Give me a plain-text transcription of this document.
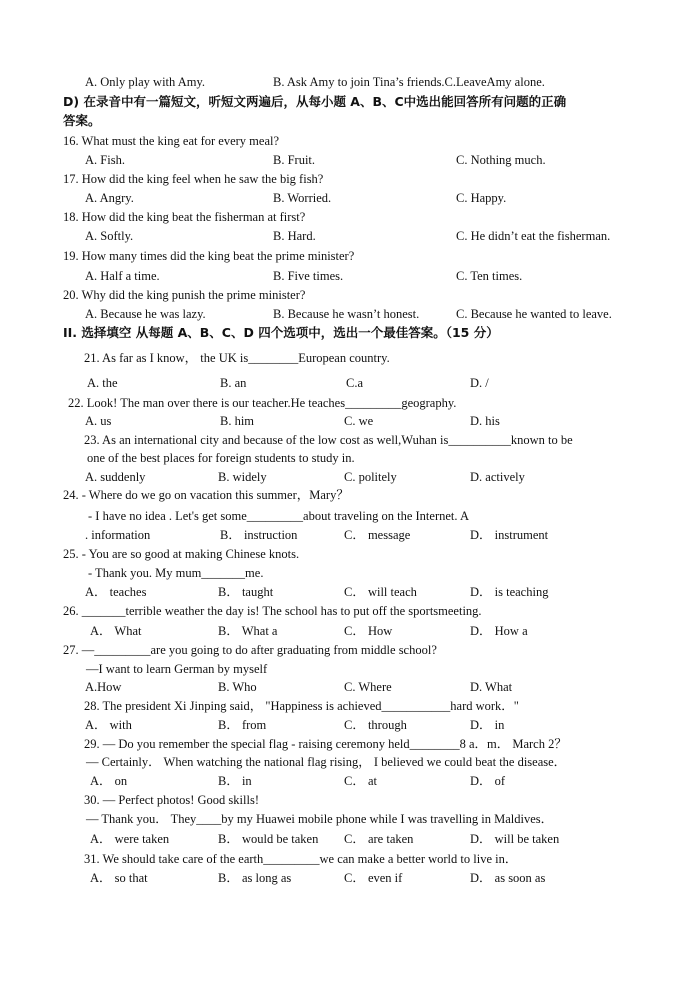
A. Only play with Amy.	B. Ask Amy to join Tina’s friends.C.LeaveAmy alone.
D) 在录音中有一篇短文，听短文两遍后，从每小题 A、B、C中选出能回答所有问题的正确
答案。
16. What must the king eat for every meal?
A. Fish.	B. Fruit.	C. Nothing much.
17. How did the king feel when he saw the big fish?
A. Angry.	B. Worried.	C. Happy.
18. How did the king beat the fisherman at first?
A. Softly.	B. Hard.	C. He didn’t eat the fisherman.
19. How many times did the king beat the prime minister?
A. Half a time.	B. Five times.	C. Ten times.
20. Why did the king punish the prime minister?
A. Because he was lazy.	B. Because he wasn’t honest.	C. Because he wanted to leave.
II. 选择填空 从每题 A、B、C、D 四个选项中，选出一个最佳答案。（15 分）
21. As far as I know， the UK is________European country.
A. the	B. an	C.a	D. /
22. Look! The man over there is our teacher.He teaches_________geography.
A. us	B. him	C. we	D. his
23. As an international city and because of the low cost as well,Wuhan is__________known to be
one of the best places for foreign students to study in.
A. suddenly	B. widely	C. politely	D. actively
24. - Where do we go on vacation this summer，Mary？
- I have no idea . Let's get some_________about traveling on the Internet. A
. information	B． instruction	C． message	D． instrument
25. - You are so good at making Chinese knots.
- Thank you. My mum_______me.
A． teaches	B． taught	C． will teach	D． is teaching
26. _______terrible weather the day is! The school has to put off the sportsmeeting.
A． What	B． What a	C． How	D． How a
27. —_________are you going to do after graduating from middle school?
—I want to learn German by myself
A.How	B. Who	C. Where	D. What
28. The president Xi Jinping said， "Happiness is achieved___________hard work．"
A． with	B． from	C． through	D． in
29. — Do you remember the special flag - raising ceremony held________8 a．m． March 2？
— Certainly． When watching the national flag rising， I believed we could beat the disease．
A． on	B． in	C． at	D． of
30. — Perfect photos! Good skills!
— Thank you． They____by my Huawei mobile phone while I was travelling in Maldives．
A． were taken	B． would be taken C． are taken	D． will be taken
31. We should take care of the earth_________we can make a better world to live in．
A． so that	B． as long as	C． even if	D． as soon as
